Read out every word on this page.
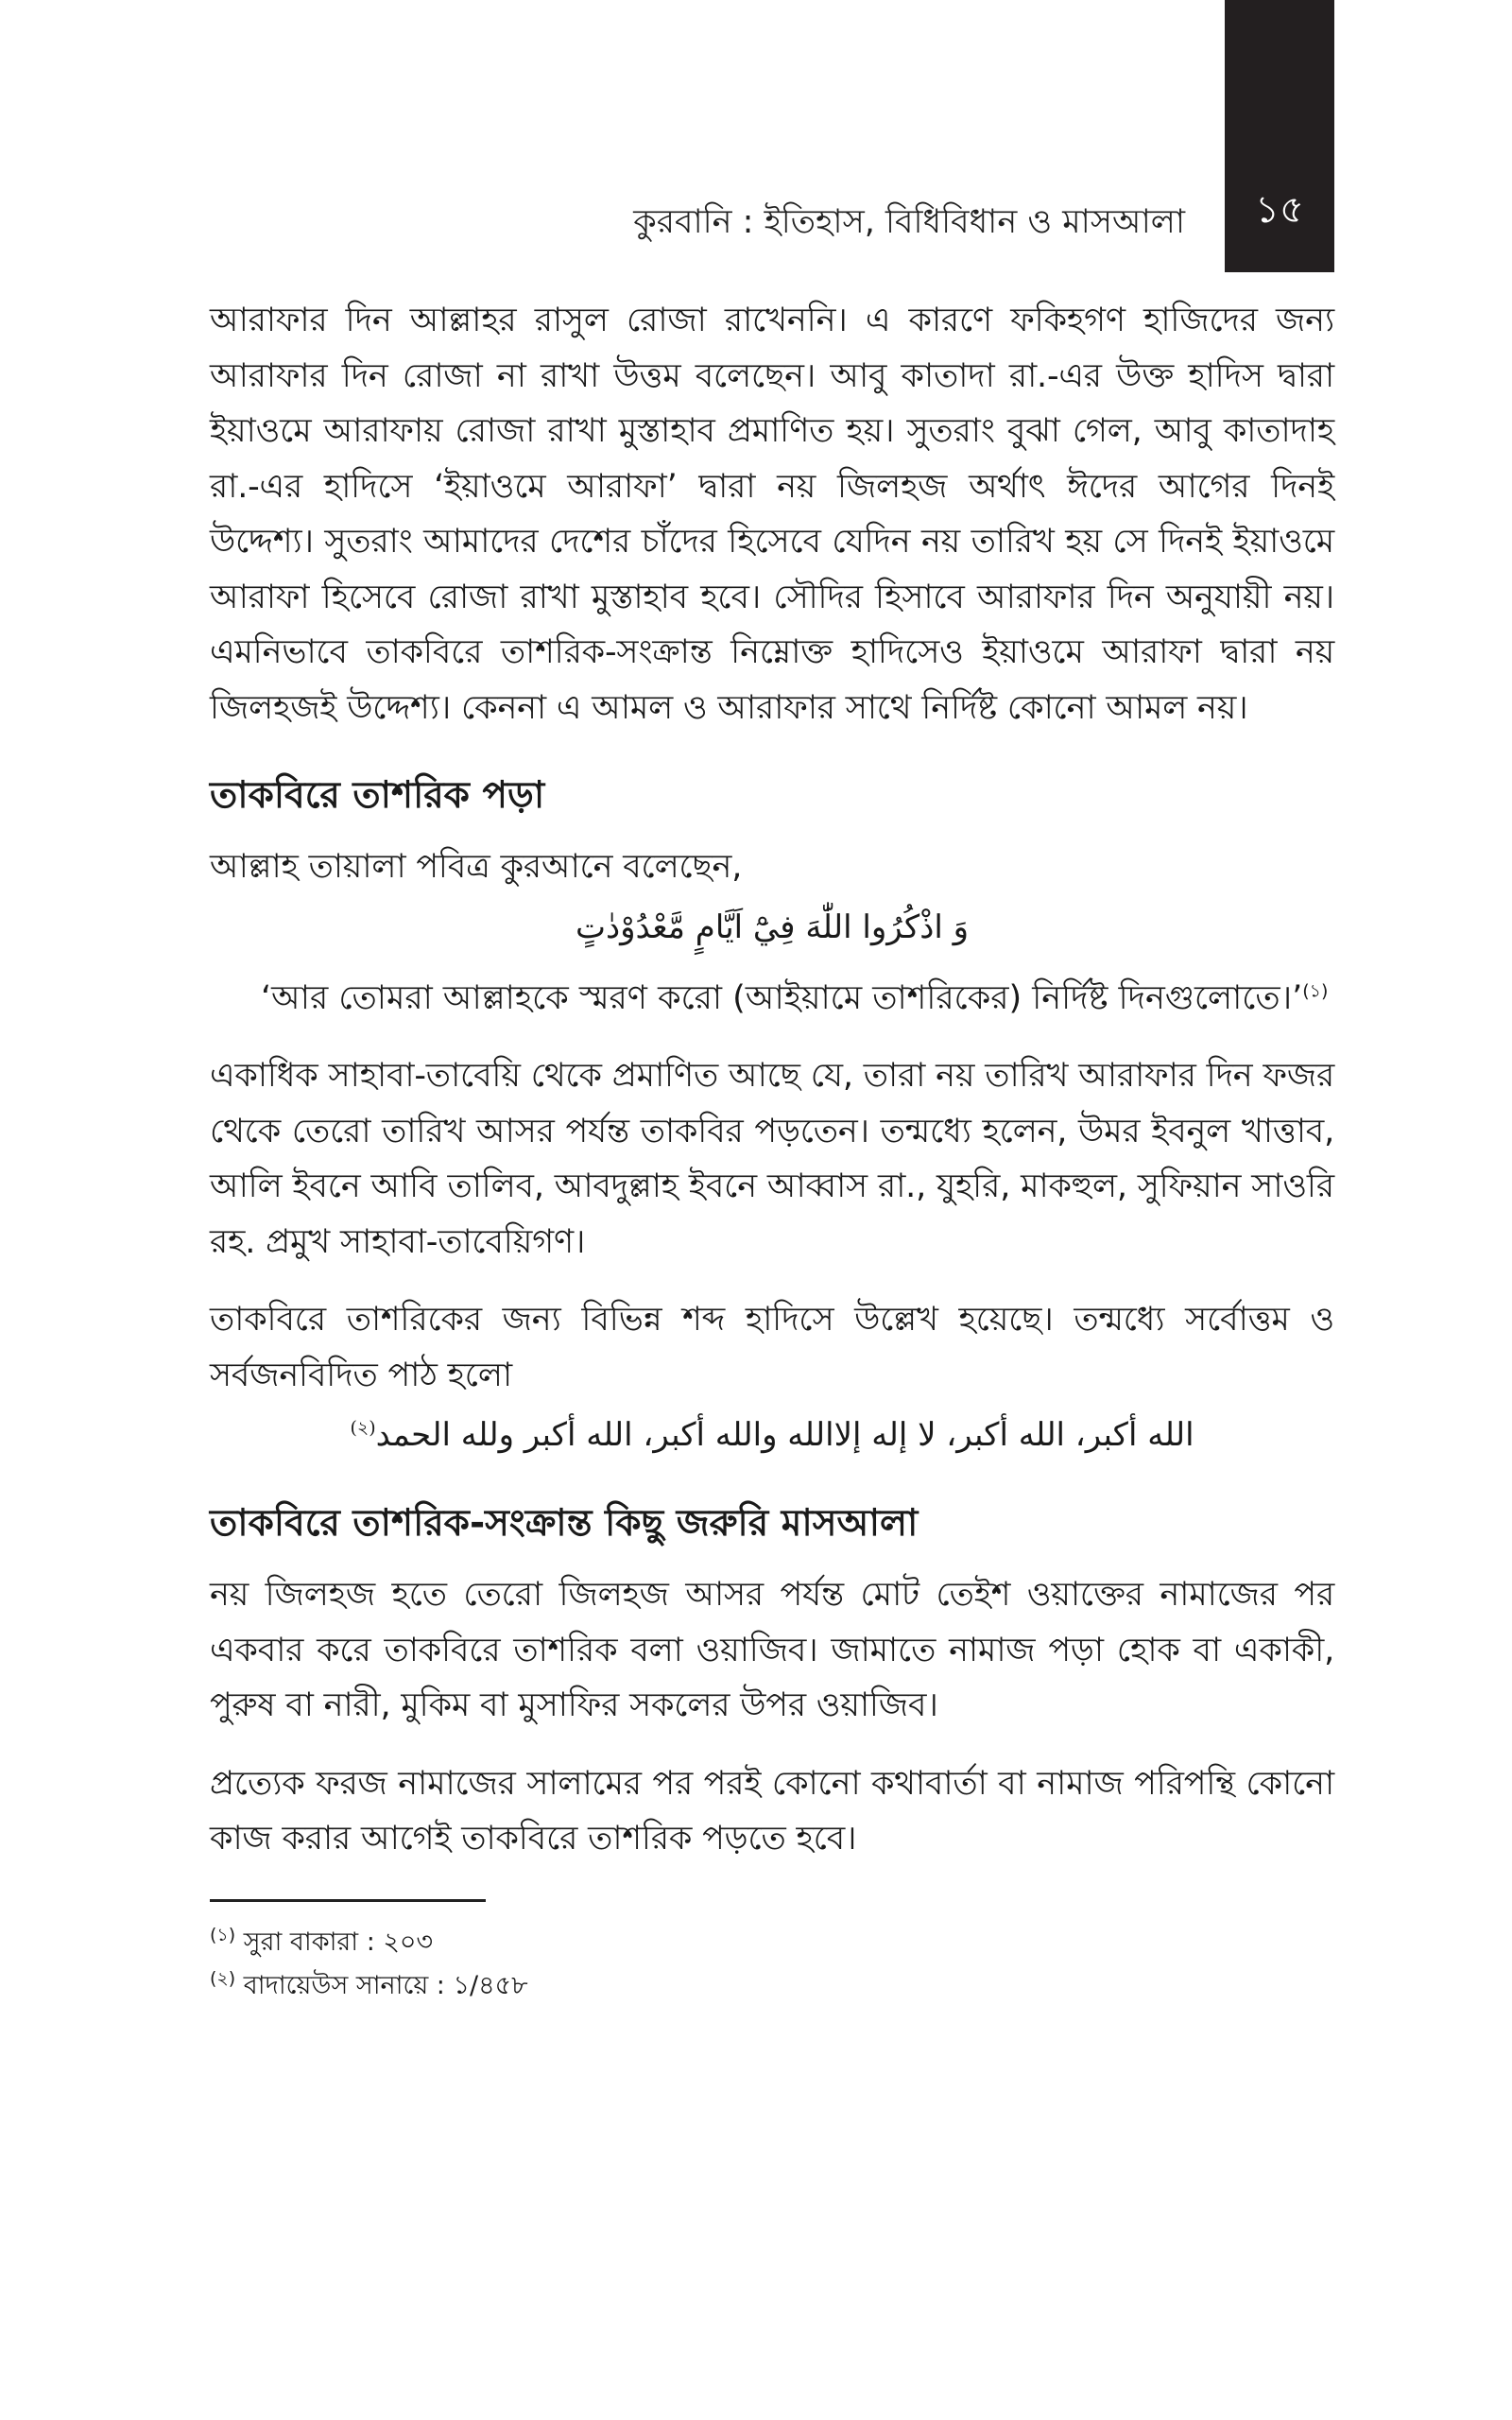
১৫
কুরবানি : ইতিহাস, বিধিবিধান ও মাসআলা

আরাফার দিন আল্লাহর রাসুল রোজা রাখেননি। এ কারণে ফকিহগণ হাজিদের জন্য আরাফার দিন রোজা না রাখা উত্তম বলেছেন। আবু কাতাদা রা.-এর উক্ত হাদিস দ্বারা ইয়াওমে আরাফায় রোজা রাখা মুস্তাহাব প্রমাণিত হয়। সুতরাং বুঝা গেল, আবু কাতাদাহ রা.-এর হাদিসে ‘ইয়াওমে আরাফা’ দ্বারা নয় জিলহজ অর্থাৎ ঈদের আগের দিনই উদ্দেশ্য। সুতরাং আমাদের দেশের চাঁদের হিসেবে যেদিন নয় তারিখ হয় সে দিনই ইয়াওমে আরাফা হিসেবে রোজা রাখা মুস্তাহাব হবে। সৌদির হিসাবে আরাফার দিন অনুযায়ী নয়। এমনিভাবে তাকবিরে তাশরিক-সংক্রান্ত নিম্নোক্ত হাদিসেও ইয়াওমে আরাফা দ্বারা নয় জিলহজই উদ্দেশ্য। কেননা এ আমল ও আরাফার সাথে নির্দিষ্ট কোনো আমল নয়।

তাকবিরে তাশরিক পড়া

আল্লাহ তায়ালা পবিত্র কুরআনে বলেছেন,

وَ اذْكُرُوا اللّٰهَ فِيْٓ اَيَّامٍ مَّعْدُوْدٰتٍ

‘আর তোমরা আল্লাহকে স্মরণ করো (আইয়ামে তাশরিকের) নির্দিষ্ট দিনগুলোতে।’$^{(১)}$

একাধিক সাহাবা-তাবেয়ি থেকে প্রমাণিত আছে যে, তারা নয় তারিখ আরাফার দিন ফজর থেকে তেরো তারিখ আসর পর্যন্ত তাকবির পড়তেন। তন্মধ্যে হলেন, উমর ইবনুল খাত্তাব, আলি ইবনে আবি তালিব, আবদুল্লাহ ইবনে আব্বাস রা., যুহরি, মাকহুল, সুফিয়ান সাওরি রহ. প্রমুখ সাহাবা-তাবেয়িগণ।

তাকবিরে তাশরিকের জন্য বিভিন্ন শব্দ হাদিসে উল্লেখ হয়েছে। তন্মধ্যে সর্বোত্তম ও সর্বজনবিদিত পাঠ হলো

الله أكبر، الله أكبر، لا إله إلاالله والله أكبر، الله أكبر ولله الحمد$^{(২)}$
তাকবিরে তাশরিক-সংক্রান্ত কিছু জরুরি মাসআলা

নয় জিলহজ হতে তেরো জিলহজ আসর পর্যন্ত মোট তেইশ ওয়াক্তের নামাজের পর একবার করে তাকবিরে তাশরিক বলা ওয়াজিব। জামাতে নামাজ পড়া হোক বা একাকী, পুরুষ বা নারী, মুকিম বা মুসাফির সকলের উপর ওয়াজিব।

প্রত্যেক ফরজ নামাজের সালামের পর পরই কোনো কথাবার্তা বা নামাজ পরিপন্থি কোনো কাজ করার আগেই তাকবিরে তাশরিক পড়তে হবে।

$^{(১)}$ সুরা বাকারা : ২০৩

$^{(২)}$ বাদায়েউস সানায়ে : ১/৪৫৮
